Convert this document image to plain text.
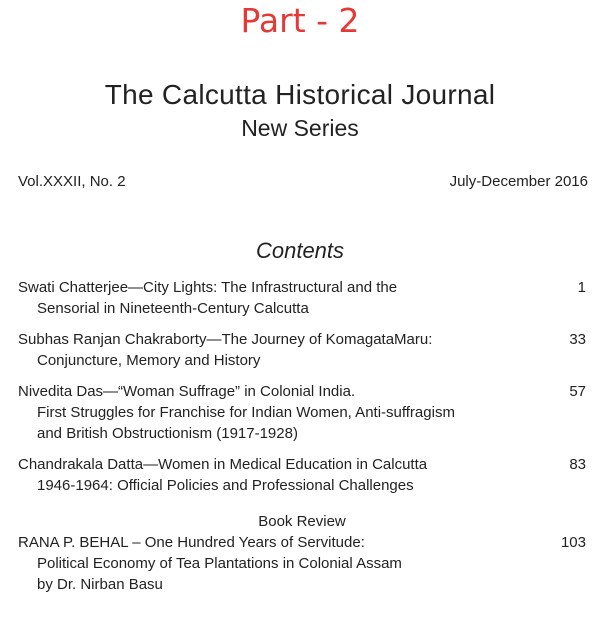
Part - 2
The Calcutta Historical Journal
New Series
Vol.XXXII, No. 2	July-December 2016
Contents
Swati Chatterjee—City Lights: The Infrastructural and the
Sensorial in Nineteenth-Century Calcutta
1
Subhas Ranjan Chakraborty—The Journey of KomagataMaru:
Conjuncture, Memory and History
33
Nivedita Das—“Woman Suffrage” in Colonial India.
First Struggles for Franchise for Indian Women, Anti-suffragism
and British Obstructionism (1917-1928)
57
Chandrakala Datta—Women in Medical Education in Calcutta
1946-1964: Official Policies and Professional Challenges
83
Book Review
RANA P. BEHAL – One Hundred Years of Servitude:
Political Economy of Tea Plantations in Colonial Assam
by Dr. Nirban Basu
103
